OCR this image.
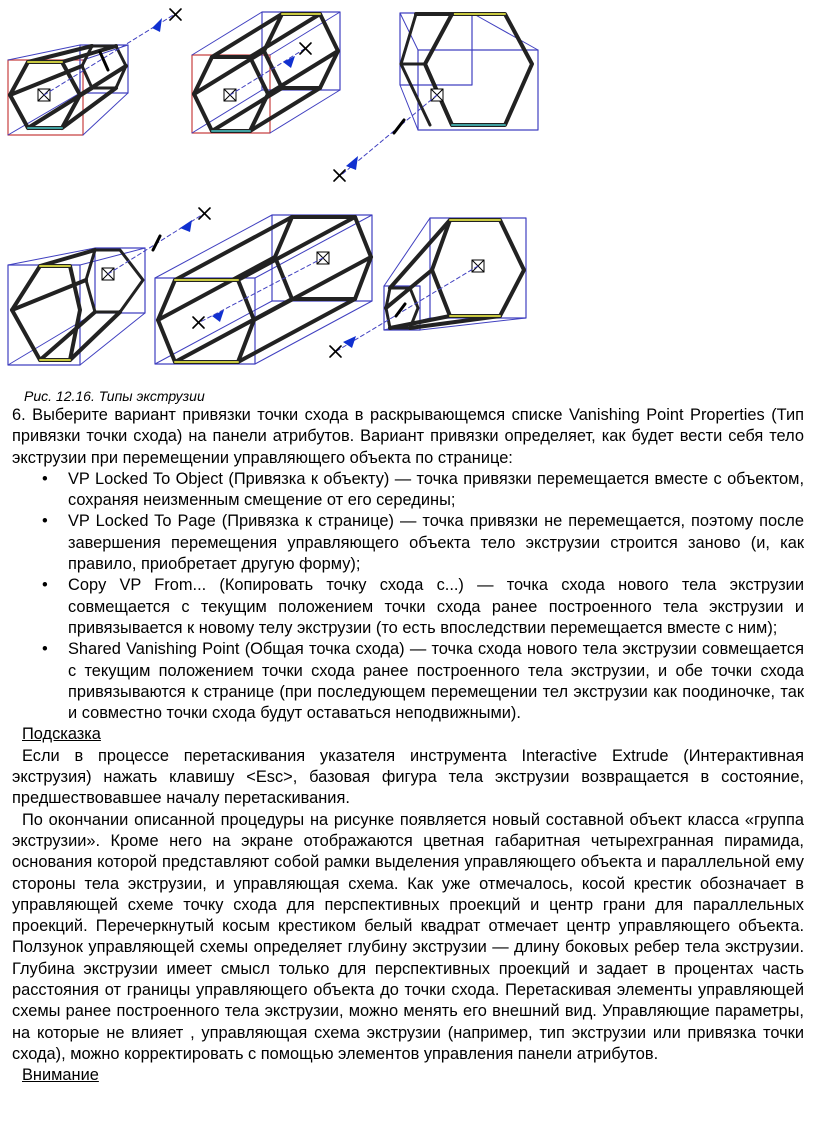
а	б	в
г	д	е
Рис. 12.16. Типы экструзии

6. Выберите вариант привязки точки схода в раскрывающемся списке Vanishing Point Properties (Тип привязки точки схода) на панели атрибутов. Вариант привязки определяет, как будет вести себя тело экструзии при перемещении управляющего объекта по странице:

• VP Locked To Object (Привязка к объекту) — точка привязки перемещается вместе с объектом, сохраняя неизменным смещение от его середины;
• VP Locked To Page (Привязка к странице) — точка привязки не перемещается, поэтому после завершения перемещения управляющего объекта тело экструзии строится заново (и, как правило, приобретает другую форму);
• Copy VP From... (Копировать точку схода с...) — точка схода нового тела экструзии совмещается с текущим положением точки схода ранее построенного тела экструзии и привязывается к новому телу экструзии (то есть впоследствии перемещается вместе с ним);
• Shared Vanishing Point (Общая точка схода) — точка схода нового тела экструзии совмещается с текущим положением точки схода ранее построенного тела экструзии, и обе точки схода привязываются к странице (при последующем перемещении тел экструзии как поодиночке, так и совместно точки схода будут оставаться неподвижными).

Подсказка

Если в процессе перетаскивания указателя инструмента Interactive Extrude (Интерактивная экструзия) нажать клавишу <Esc>, базовая фигура тела экструзии возвращается в состояние, предшествовавшее началу перетаскивания.

По окончании описанной процедуры на рисунке появляется новый составной объект класса «группа экструзии». Кроме него на экране отображаются цветная габаритная четырехгранная пирамида, основания которой представляют собой рамки выделения управляющего объекта и параллельной ему стороны тела экструзии, и управляющая схема. Как уже отмечалось, косой крестик обозначает в управляющей схеме точку схода для перспективных проекций и центр грани для параллельных проекций. Перечеркнутый косым крестиком белый квадрат отмечает центр управляющего объекта. Ползунок управляющей схемы определяет глубину экструзии — длину боковых ребер тела экструзии. Глубина экструзии имеет смысл только для перспективных проекций и задает в процентах часть расстояния от границы управляющего объекта до точки схода. Перетаскивая элементы управляющей схемы ранее построенного тела экструзии, можно менять его внешний вид. Управляющие параметры, на которые не влияет , управляющая схема экструзии (например, тип экструзии или привязка точки схода), можно корректировать с помощью элементов управления панели атрибутов.

Внимание
